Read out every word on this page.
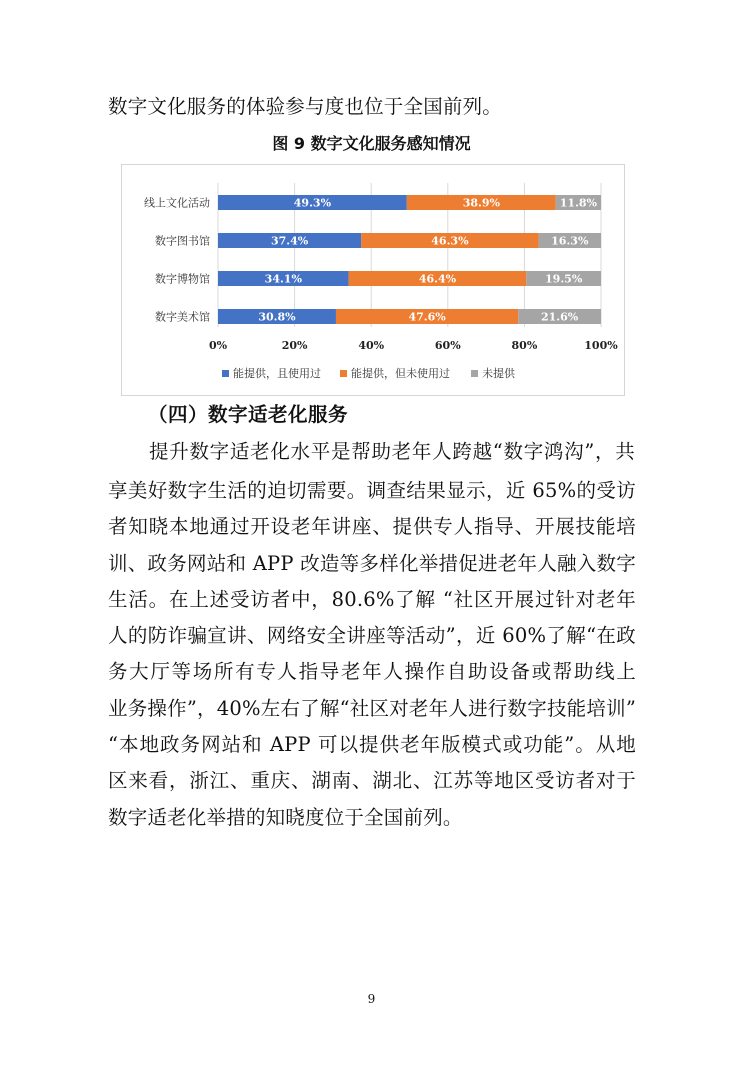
数字文化服务的体验参与度也位于全国前列。
图 9 数字文化服务感知情况
线上文化活动	49.3%	38.9%	11.8%
数字图书馆	37.4%	46.3%	16.3%
数字博物馆	34.1%	46.4%	19.5%
数字美术馆	30.8%	47.6%	21.6%
0%	20%	40%	60%	80%	100%
能提供，且使用过	能提供，但未使用过	未提供
（四）数字适老化服务
提升数字适老化水平是帮助老年人跨越“数字鸿沟”，共
享美好数字生活的迫切需要。调查结果显示，近 65%的受访
者知晓本地通过开设老年讲座、提供专人指导、开展技能培
训、政务网站和 APP 改造等多样化举措促进老年人融入数字
生活。在上述受访者中，80.6%了解 “社区开展过针对老年
人的防诈骗宣讲、网络安全讲座等活动”，近 60%了解“在政
务大厅等场所有专人指导老年人操作自助设备或帮助线上
业务操作”，40%左右了解“社区对老年人进行数字技能培训”
“本地政务网站和 APP 可以提供老年版模式或功能”。从地
区来看，浙江、重庆、湖南、湖北、江苏等地区受访者对于
数字适老化举措的知晓度位于全国前列。
9
